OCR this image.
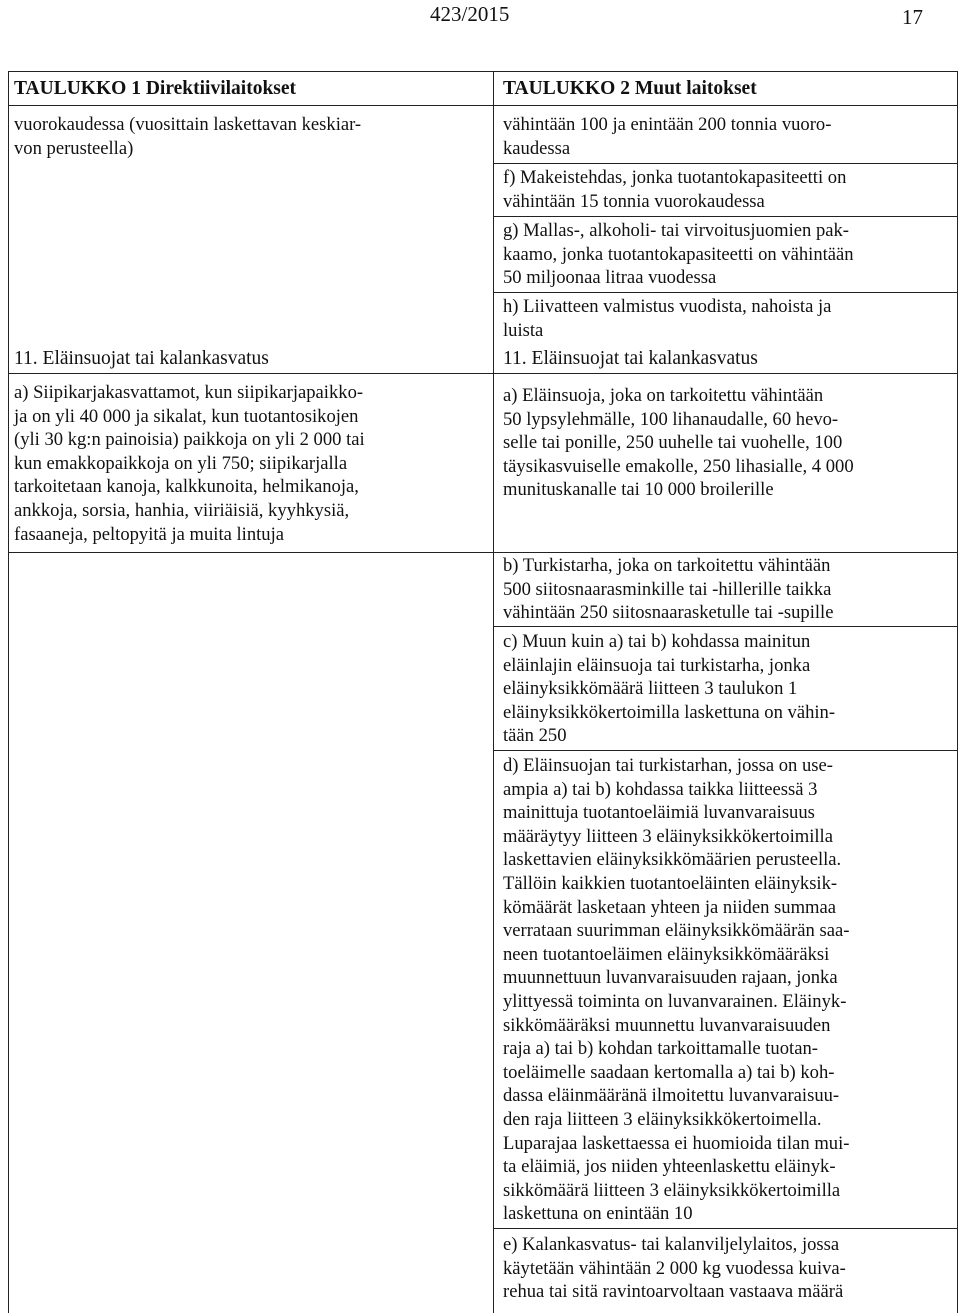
423/2015	17

TAULUKKO 1 Direktiivilaitokset

vuorokaudessa (vuosittain laskettavan keskiar-

von perusteella)

11. Eläinsuojat tai kalankasvatus

a) Siipikarjakasvattamot, kun siipikarjapaikko-

ja on yli 40 000 ja sikalat, kun tuotantosikojen

(yli 30 kg:n painoisia) paikkoja on yli 2 000 tai

kun emakkopaikkoja on yli 750; siipikarjalla

tarkoitetaan kanoja, kalkkunoita, helmikanoja,

ankkoja, sorsia, hanhia, viiriäisiä, kyyhkysiä,

fasaaneja, peltopyitä ja muita lintuja

TAULUKKO 2 Muut laitokset

vähintään 100 ja enintään 200 tonnia vuoro-

kaudessa

f) Makeistehdas, jonka tuotantokapasiteetti on

vähintään 15 tonnia vuorokaudessa

g) Mallas-, alkoholi- tai virvoitusjuomien pak-

kaamo, jonka tuotantokapasiteetti on vähintään

50 miljoonaa litraa vuodessa

h) Liivatteen valmistus vuodista, nahoista ja

luista

11. Eläinsuojat tai kalankasvatus

a) Eläinsuoja, joka on tarkoitettu vähintään

50 lypsylehmälle, 100 lihanaudalle, 60 hevo-

selle tai ponille, 250 uuhelle tai vuohelle, 100

täysikasvuiselle emakolle, 250 lihasialle, 4 000

munituskanalle tai 10 000 broilerille

b) Turkistarha, joka on tarkoitettu vähintään

500 siitosnaarasminkille tai -hillerille taikka

vähintään 250 siitosnaarasketulle tai -supille

c) Muun kuin a) tai b) kohdassa mainitun

eläinlajin eläinsuoja tai turkistarha, jonka

eläinyksikkömäärä liitteen 3 taulukon 1

eläinyksikkökertoimilla laskettuna on vähin-

tään 250

d) Eläinsuojan tai turkistarhan, jossa on use-

ampia a) tai b) kohdassa taikka liitteessä 3

mainittuja tuotantoeläimiä luvanvaraisuus

määräytyy liitteen 3 eläinyksikkökertoimilla

laskettavien eläinyksikkömäärien perusteella.

Tällöin kaikkien tuotantoeläinten eläinyksik-

kömäärät lasketaan yhteen ja niiden summaa

verrataan suurimman eläinyksikkömäärän saa-

neen tuotantoeläimen eläinyksikkömääräksi

muunnettuun luvanvaraisuuden rajaan, jonka

ylittyessä toiminta on luvanvarainen. Eläinyk-

sikkömääräksi muunnettu luvanvaraisuuden

raja a) tai b) kohdan tarkoittamalle tuotan-

toeläimelle saadaan kertomalla a) tai b) koh-

dassa eläinmääränä ilmoitettu luvanvaraisuu-

den raja liitteen 3 eläinyksikkökertoimella.

Luparajaa laskettaessa ei huomioida tilan mui-

ta eläimiä, jos niiden yhteenlaskettu eläinyk-

sikkömäärä liitteen 3 eläinyksikkökertoimilla

laskettuna on enintään 10

e) Kalankasvatus- tai kalanviljelylaitos, jossa

käytetään vähintään 2 000 kg vuodessa kuiva-

rehua tai sitä ravintoarvoltaan vastaava määrä
